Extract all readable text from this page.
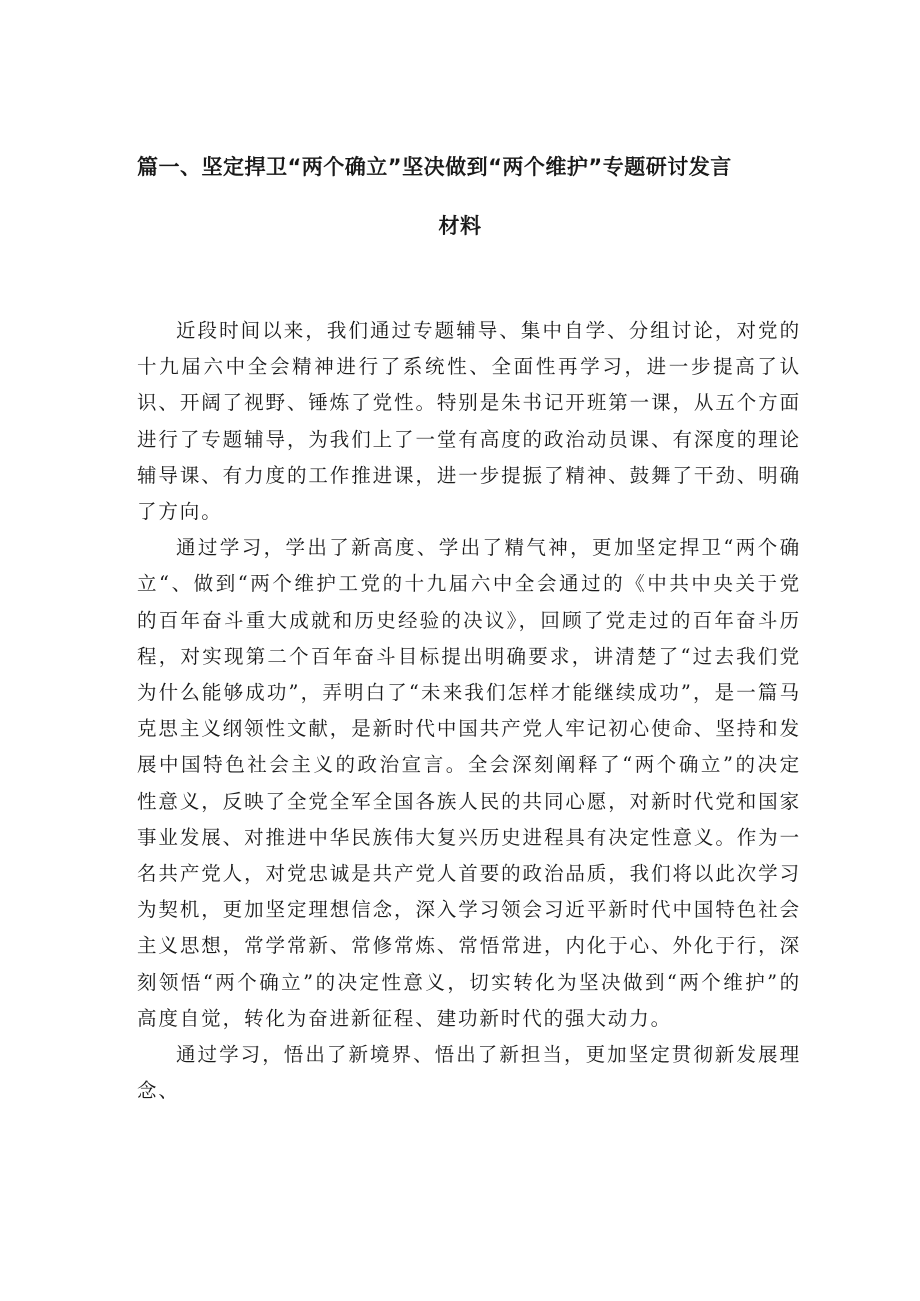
篇一、坚定捍卫“两个确立”坚决做到“两个维护”专题研讨发言
材料

近段时间以来，我们通过专题辅导、集中自学、分组讨论，对党的十九届六中全会精神进行了系统性、全面性再学习，进一步提高了认识、开阔了视野、锤炼了党性。特别是朱书记开班第一课，从五个方面进行了专题辅导，为我们上了一堂有高度的政治动员课、有深度的理论辅导课、有力度的工作推进课，进一步提振了精神、鼓舞了干劲、明确了方向。

通过学习，学出了新高度、学出了精气神，更加坚定捍卫“两个确立“、做到“两个维护工党的十九届六中全会通过的《中共中央关于党的百年奋斗重大成就和历史经验的决议》，回顾了党走过的百年奋斗历程，对实现第二个百年奋斗目标提出明确要求，讲清楚了“过去我们党为什么能够成功”，弄明白了“未来我们怎样才能继续成功”，是一篇马克思主义纲领性文献，是新时代中国共产党人牢记初心使命、坚持和发展中国特色社会主义的政治宣言。全会深刻阐释了“两个确立”的决定性意义，反映了全党全军全国各族人民的共同心愿，对新时代党和国家事业发展、对推进中华民族伟大复兴历史进程具有决定性意义。作为一名共产党人，对党忠诚是共产党人首要的政治品质，我们将以此次学习为契机，更加坚定理想信念，深入学习领会习近平新时代中国特色社会主义思想，常学常新、常修常炼、常悟常进，内化于心、外化于行，深刻领悟“两个确立”的决定性意义，切实转化为坚决做到“两个维护”的高度自觉，转化为奋进新征程、建功新时代的强大动力。

通过学习，悟出了新境界、悟出了新担当，更加坚定贯彻新发展理念、
